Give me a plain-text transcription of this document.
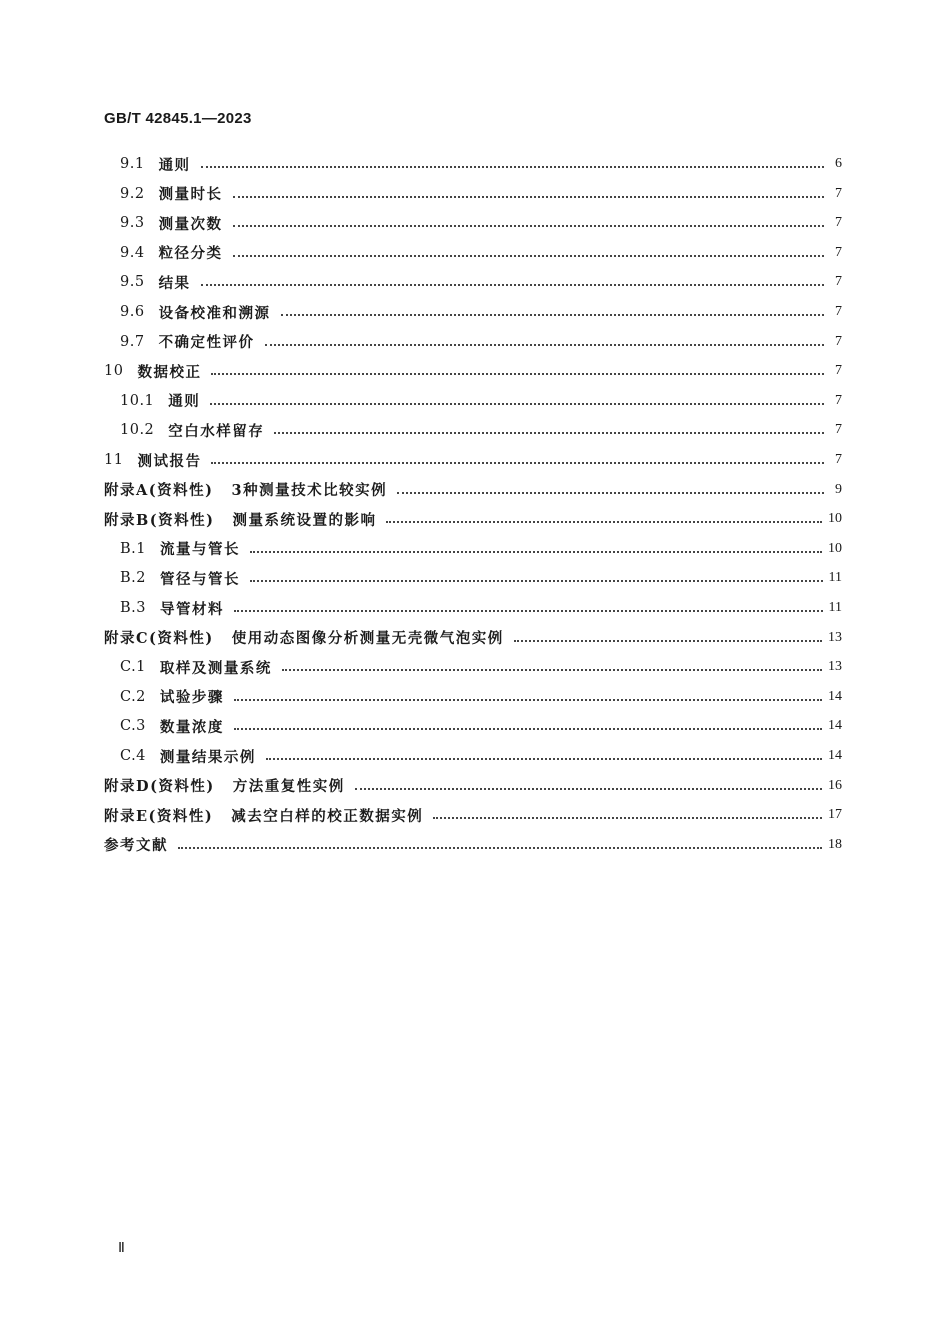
GB/T 42845.1—2023
9.1 通则	6
9.2 测量时长	7
9.3 测量次数	7
9.4 粒径分类	7
9.5 结果	7
9.6 设备校准和溯源	7
9.7 不确定性评价	7
10 数据校正	7
10.1 通则	7
10.2 空白水样留存	7
11 测试报告	7
附录A(资料性) 3种测量技术比较实例	9
附录B(资料性) 测量系统设置的影响	10
B.1 流量与管长	10
B.2 管径与管长	11
B.3 导管材料	11
附录C(资料性) 使用动态图像分析测量无壳微气泡实例	13
C.1 取样及测量系统	13
C.2 试验步骤	14
C.3 数量浓度	14
C.4 测量结果示例	14
附录D(资料性) 方法重复性实例	16
附录E(资料性) 减去空白样的校正数据实例	17
参考文献	18
Ⅱ
